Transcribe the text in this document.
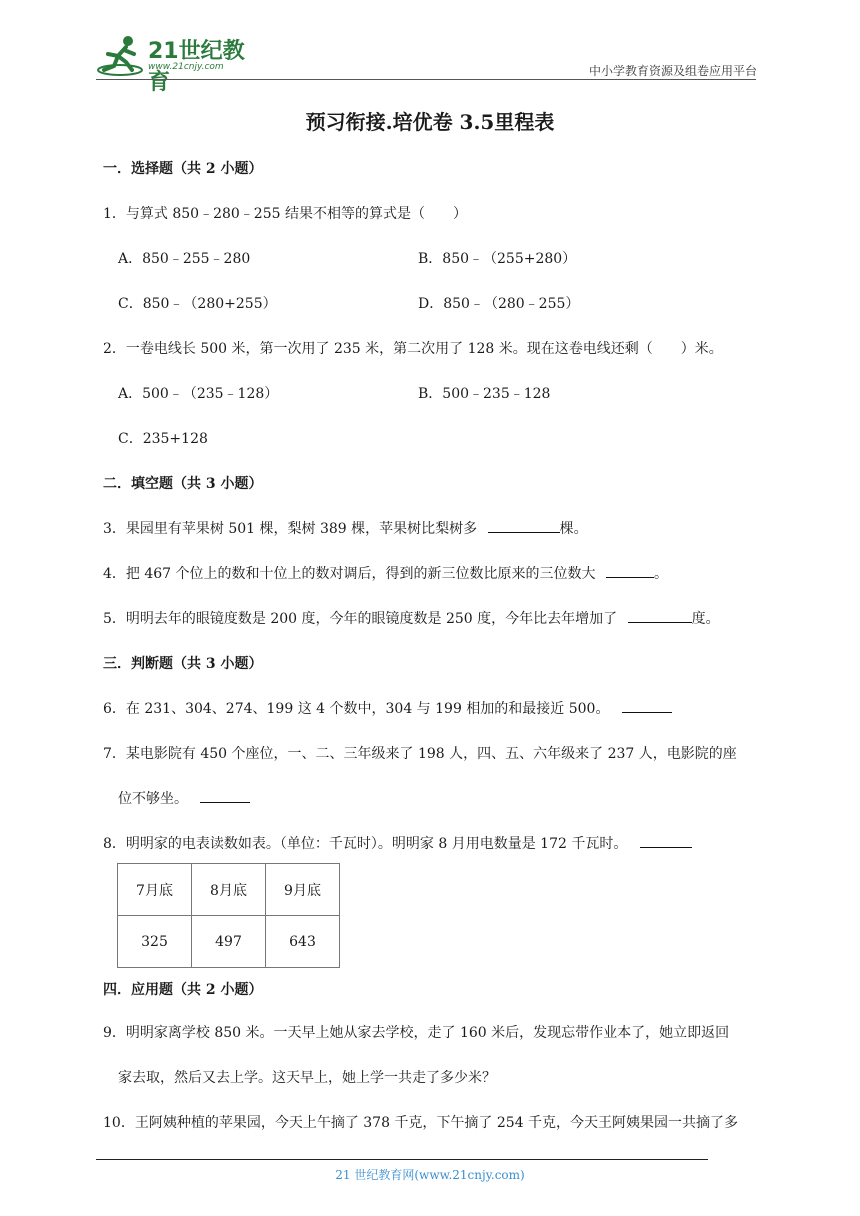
21世纪教育
www.21cnjy.com	中小学教育资源及组卷应用平台
预习衔接.培优卷 3.5里程表
一．选择题（共 2 小题）
1．与算式 850﹣280﹣255 结果不相等的算式是（　　）
A．850﹣255﹣280	B．850﹣（255+280）
C．850﹣（280+255）	D．850﹣（280﹣255）
2．一卷电线长 500 米，第一次用了 235 米，第二次用了 128 米。现在这卷电线还剩（　　）米。
A．500﹣（235﹣128）	B．500﹣235﹣128
C．235+128
二．填空题（共 3 小题）
3．果园里有苹果树 501 棵，梨树 389 棵，苹果树比梨树多	棵。
4．把 467 个位上的数和十位上的数对调后，得到的新三位数比原来的三位数大	。
5．明明去年的眼镜度数是 200 度，今年的眼镜度数是 250 度，今年比去年增加了	度。
三．判断题（共 3 小题）
6．在 231、304、274、199 这 4 个数中，304 与 199 相加的和最接近 500。
7．某电影院有 450 个座位，一、二、三年级来了 198 人，四、五、六年级来了 237 人，电影院的座
位不够坐。
8．明明家的电表读数如表。（单位：千瓦时）。明明家 8 月用电数量是 172 千瓦时。
7月底	8月底	9月底
325	497	643
四．应用题（共 2 小题）
9．明明家离学校 850 米。一天早上她从家去学校，走了 160 米后，发现忘带作业本了，她立即返回
家去取，然后又去上学。这天早上，她上学一共走了多少米？
10．王阿姨种植的苹果园，今天上午摘了 378 千克，下午摘了 254 千克，今天王阿姨果园一共摘了多
21 世纪教育网(www.21cnjy.com)
